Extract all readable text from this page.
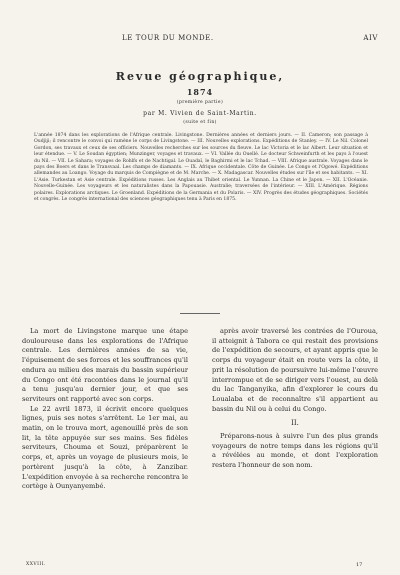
LE TOUR DU MONDE.	AIV
Revue géographique,
1874
(première partie)
par M. Vivien de Saint-Martin.
(suite et fin)
L'année 1874 dans les explorations de l'Afrique centrale. Livingstone. Dernières années et derniers jours. — II. Cameron; son passage à Oudjiji; il rencontre le convoi qui ramène le corps de Livingstone. — III. Nouvelles explorations. Expéditions de Stanley. — IV. Le Nil. Colonel Gordon, ses travaux et ceux de ses officiers. Nouvelles recherches sur les sources du fleuve. Le lac Victoria et le lac Albert. Leur situation et leur étendue. — V. Le Soudan égyptien; Munzinger, voyages et travaux. — VI. Vallée du Ouellé. Le docteur Schweinfurth et les pays à l'ouest du Nil. — VII. Le Sahara; voyages de Rohlfs et de Nachtigal. Le Ouadaï, le Baghirmi et le lac Tchad. — VIII. Afrique australe. Voyages dans le pays des Boers et dans le Transvaal. Les champs de diamants. — IX. Afrique occidentale. Côte de Guinée. Le Congo et l'Ogowé. Expéditions allemandes au Loango. Voyage du marquis de Compiègne et de M. Marche. — X. Madagascar. Nouvelles études sur l'île et ses habitants. — XI. L'Asie. Turkestan et Asie centrale. Expéditions russes. Les Anglais au Thibet oriental. Le Yunnan. La Chine et le Japon. — XII. L'Océanie. Nouvelle-Guinée. Les voyageurs et les naturalistes dans la Papouasie. Australie; traversées de l'intérieur. — XIII. L'Amérique. Régions polaires. Explorations arctiques. Le Groenland. Expéditions de la Germania et du Polaris. — XIV. Progrès des études géographiques. Sociétés et congrès. Le congrès international des sciences géographiques tenu à Paris en 1875.

La mort de Livingstone marque une étape douloureuse dans les explorations de l'Afrique centrale. Les dernières années de sa vie, l'épuisement de ses forces et les souffrances qu'il endura au milieu des marais du bassin supérieur du Congo ont été racontées dans le journal qu'il a tenu jusqu'au dernier jour, et que ses serviteurs ont rapporté avec son corps.

Le 22 avril 1873, il écrivit encore quelques lignes, puis ses notes s'arrêtent. Le 1er mai, au matin, on le trouva mort, agenouillé près de son lit, la tête appuyée sur ses mains. Ses fidèles serviteurs, Chouma et Souzi, préparèrent le corps, et, après un voyage de plusieurs mois, le portèrent jusqu'à la côte, à Zanzibar. L'expédition envoyée à sa recherche rencontra le cortège à Ounyanyembé.

après avoir traversé les contrées de l'Ouroua, il atteignit à Tabora ce qui restait des provisions de l'expédition de secours, et ayant appris que le corps du voyageur était en route vers la côte, il prit la résolution de poursuivre lui-même l'œuvre interrompue et de se diriger vers l'ouest, au delà du lac Tanganyika, afin d'explorer le cours du Loualaba et de reconnaître s'il appartient au bassin du Nil ou à celui du Congo.

II.

Préparons-nous à suivre l'un des plus grands voyageurs de notre temps dans les régions qu'il a révélées au monde, et dont l'exploration restera l'honneur de son nom.

XXVIII.	17
